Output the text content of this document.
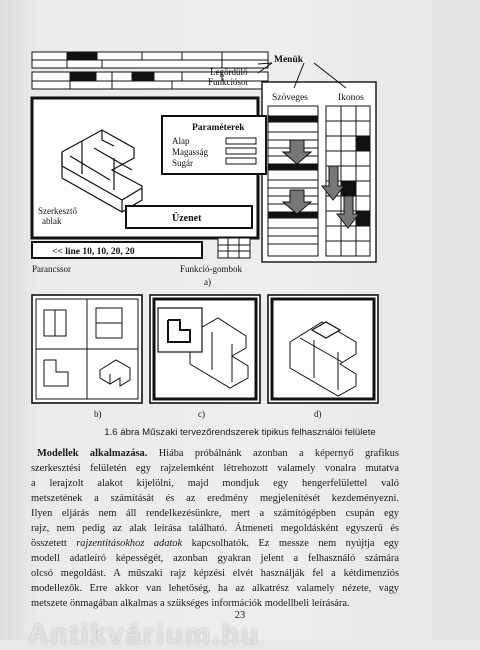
Menük
Legördülő
Funkciósor
Szöveges	Ikonos
Paraméterek
Alap
Magasság
Sugár
Szerkesztő
ablak	Üzenet
<< line 10, 10, 20, 20
Parancssor	Funkció-gombok
a)
b)	c)	d)
1.6 ábra Műszaki tervezőrendszerek tipikus felhasználói felülete
Modellek alkalmazása. Hiába próbálnánk azonban a képernyő grafikus
szerkesztési felületén egy rajzelemként létrehozott valamely vonalra mutatva
a lerajzolt alakot kijelölni, majd mondjuk egy hengerfelülettel való
metszetének a számítását és az eredmény megjelenítését kezdeményezni.
Ilyen eljárás nem áll rendelkezésünkre, mert a számítógépben csupán egy
rajz, nem pedig az alak leírása található. Átmeneti megoldásként egyszerű és
összetett rajzentitásokhoz adatok kapcsolhatók. Ez messze nem nyújtja egy
modell adatleíró képességét, azonban gyakran jelent a felhasználó számára
olcsó megoldást. A műszaki rajz képzési elvét használják fel a kétdimenziós
modellezők. Erre akkor van lehetőség, ha az alkatrész valamely nézete, vagy
metszete önmagában alkalmas a szükséges információk modellbeli leírására.
23
Antikvárium.hu
